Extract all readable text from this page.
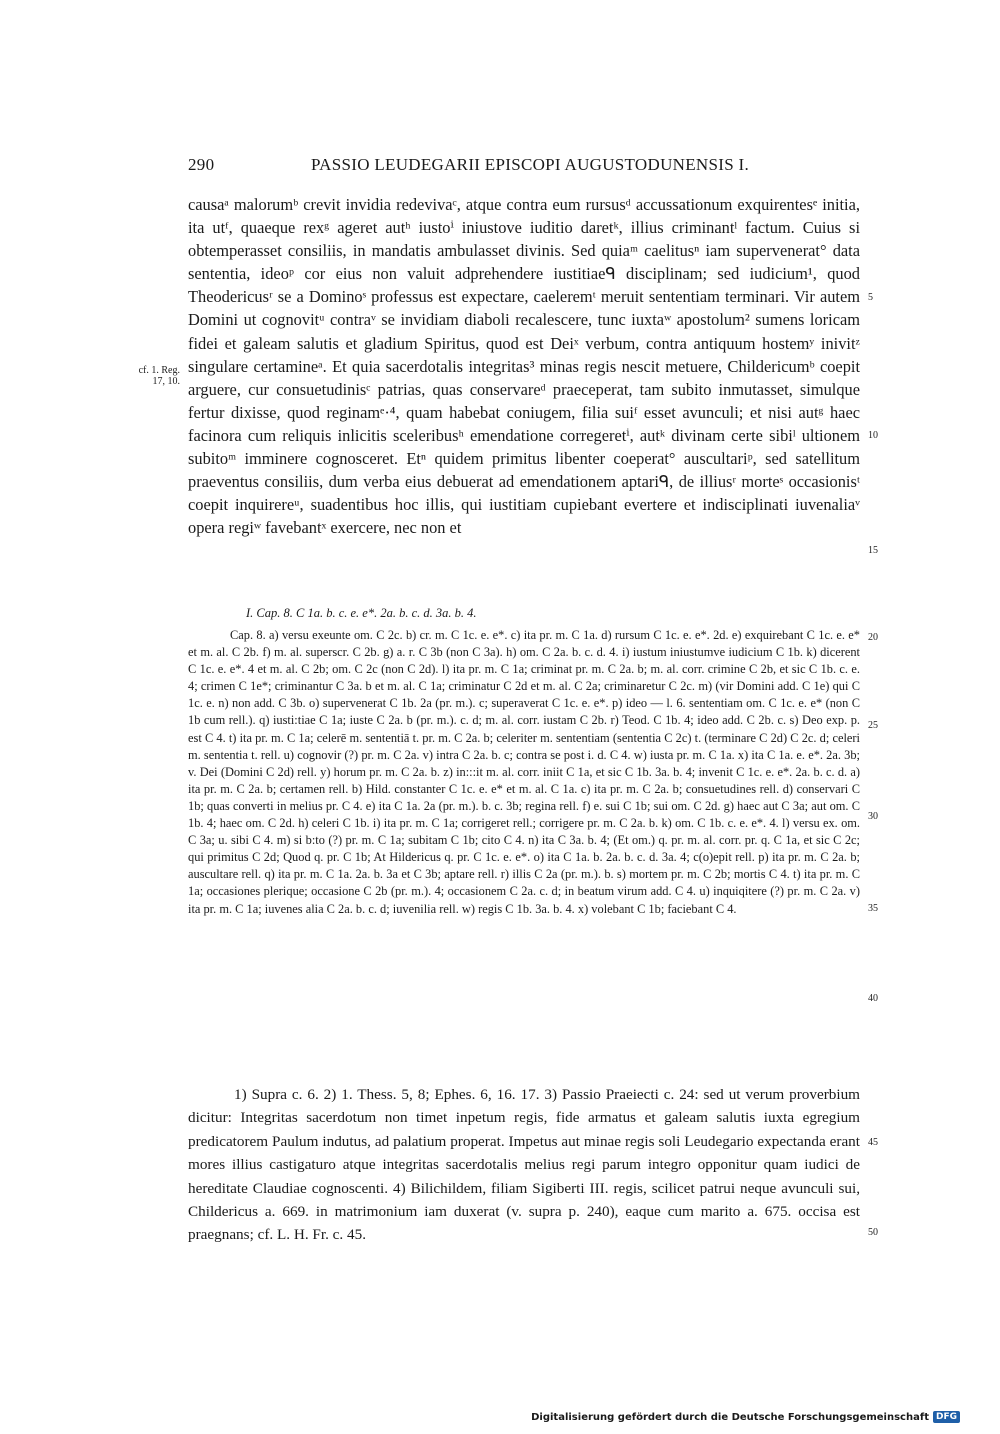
290	PASSIO LEUDEGARII EPISCOPI AUGUSTODUNENSIS I.
cf. 1. Reg. 17, 10.

causaᵃ malorumᵇ crevit invidia redevivaᶜ, atque contra eum rursusᵈ accussationum exquirentesᵉ initia, ita utᶠ, quaeque rexᵍ ageret autʰ iustoⁱ iniustove iuditio daretᵏ, illius criminantˡ factum. Cuius si obtemperasset consiliis, in mandatis ambulasset divinis. Sed quiaᵐ caelitusⁿ iam supervenerat° data sententia, ideoᵖ cor eius non valuit adprehendere iustitiaeᑫ disciplinam; sed iudicium¹, quod Theodericusʳ se a Dominoˢ professus est expectare, caeleremᵗ meruit sententiam terminari. Vir autem Domini ut cognovitᵘ contraᵛ se invidiam diaboli recalescere, tunc iuxtaʷ apostolum² sumens loricam fidei et galeam salutis et gladium Spiritus, quod est Deiˣ verbum, contra antiquum hostemʸ inivitᶻ singulare certamineᵃ. Et quia sacerdotalis integritas³ minas regis nescit metuere, Childericumᵇ coepit arguere, cur consuetudinisᶜ patrias, quas conservareᵈ praeceperat, tam subito inmutasset, simulque fertur dixisse, quod reginamᵉ·⁴, quam habebat coniugem, filia suiᶠ esset avunculi; et nisi autᵍ haec facinora cum reliquis inlicitis sceleribusʰ emendatione corregeretⁱ, autᵏ divinam certe sibiˡ ultionem subitoᵐ imminere cognosceret. Etⁿ quidem primitus libenter coeperat° auscultariᵖ, sed satellitum praeventus consiliis, dum verba eius debuerat ad emendationem aptariᑫ, de illiusʳ morteˢ occasionisᵗ coepit inquirereᵘ, suadentibus hoc illis, qui iustitiam cupiebant evertere et indisciplinati iuvenaliaᵛ opera regiʷ favebantˣ exercere, nec non et

5
10
15
20
25
30
35
40
45
50
I. Cap. 8. C 1a. b. c. e. e*. 2a. b. c. d. 3a. b. 4.

Cap. 8. a) versu exeunte om. C 2c. b) cr. m. C 1c. e. e*. c) ita pr. m. C 1a. d) rursum C 1c. e. e*. 2d. e) exquirebant C 1c. e. e* et m. al. C 2b. f) m. al. superscr. C 2b. g) a. r. C 3b (non C 3a). h) om. C 2a. b. c. d. 4. i) iustum iniustumve iudicium C 1b. k) dicerent C 1c. e. e*. 4 et m. al. C 2b; om. C 2c (non C 2d). l) ita pr. m. C 1a; criminat pr. m. C 2a. b; m. al. corr. crimine C 2b, et sic C 1b. c. e. 4; crimen C 1e*; criminantur C 3a. b et m. al. C 1a; criminatur C 2d et m. al. C 2a; criminaretur C 2c. m) (vir Domini add. C 1e) qui C 1c. e. n) non add. C 3b. o) supervenerat C 1b. 2a (pr. m.). c; superaverat C 1c. e. e*. p) ideo — l. 6. sententiam om. C 1c. e. e* (non C 1b cum rell.). q) iusti:tiae C 1a; iuste C 2a. b (pr. m.). c. d; m. al. corr. iustam C 2b. r) Teod. C 1b. 4; ideo add. C 2b. c. s) Deo exp. p. est C 4. t) ita pr. m. C 1a; celerē m. sententiā t. pr. m. C 2a. b; celeriter m. sententiam (sententia C 2c) t. (terminare C 2d) C 2c. d; celeri m. sententia t. rell. u) cognovir (?) pr. m. C 2a. v) intra C 2a. b. c; contra se post i. d. C 4. w) iusta pr. m. C 1a. x) ita C 1a. e. e*. 2a. 3b; v. Dei (Domini C 2d) rell. y) horum pr. m. C 2a. b. z) in:::it m. al. corr. iniit C 1a, et sic C 1b. 3a. b. 4; invenit C 1c. e. e*. 2a. b. c. d. a) ita pr. m. C 2a. b; certamen rell. b) Hild. constanter C 1c. e. e* et m. al. C 1a. c) ita pr. m. C 2a. b; consuetudines rell. d) conservari C 1b; quas converti in melius pr. C 4. e) ita C 1a. 2a (pr. m.). b. c. 3b; regina rell. f) e. sui C 1b; sui om. C 2d. g) haec aut C 3a; aut om. C 1b. 4; haec om. C 2d. h) celeri C 1b. i) ita pr. m. C 1a; corrigeret rell.; corrigere pr. m. C 2a. b. k) om. C 1b. c. e. e*. 4. l) versu ex. om. C 3a; u. sibi C 4. m) si b:to (?) pr. m. C 1a; subitam C 1b; cito C 4. n) ita C 3a. b. 4; (Et om.) q. pr. m. al. corr. pr. q. C 1a, et sic C 2c; qui primitus C 2d; Quod q. pr. C 1b; At Hildericus q. pr. C 1c. e. e*. o) ita C 1a. b. 2a. b. c. d. 3a. 4; c(o)epit rell. p) ita pr. m. C 2a. b; auscultare rell. q) ita pr. m. C 1a. 2a. b. 3a et C 3b; aptare rell. r) illis C 2a (pr. m.). b. s) mortem pr. m. C 2b; mortis C 4. t) ita pr. m. C 1a; occasiones plerique; occasione C 2b (pr. m.). 4; occasionem C 2a. c. d; in beatum virum add. C 4. u) inquiqitere (?) pr. m. C 2a. v) ita pr. m. C 1a; iuvenes alia C 2a. b. c. d; iuvenilia rell. w) regis C 1b. 3a. b. 4. x) volebant C 1b; faciebant C 4.

1) Supra c. 6. 2) 1. Thess. 5, 8; Ephes. 6, 16. 17. 3) Passio Praeiecti c. 24: sed ut verum proverbium dicitur: Integritas sacerdotum non timet inpetum regis, fide armatus et galeam salutis iuxta egregium predicatorem Paulum indutus, ad palatium properat. Impetus aut minae regis soli Leudegario expectanda erant mores illius castigaturo atque integritas sacerdotalis melius regi parum integro opponitur quam iudici de hereditate Claudiae cognoscenti. 4) Bilichildem, filiam Sigiberti III. regis, scilicet patrui neque avunculi sui, Childericus a. 669. in matrimonium iam duxerat (v. supra p. 240), eaque cum marito a. 675. occisa est praegnans; cf. L. H. Fr. c. 45.

Digitalisierung gefördert durch die Deutsche Forschungsgemeinschaft DFG
